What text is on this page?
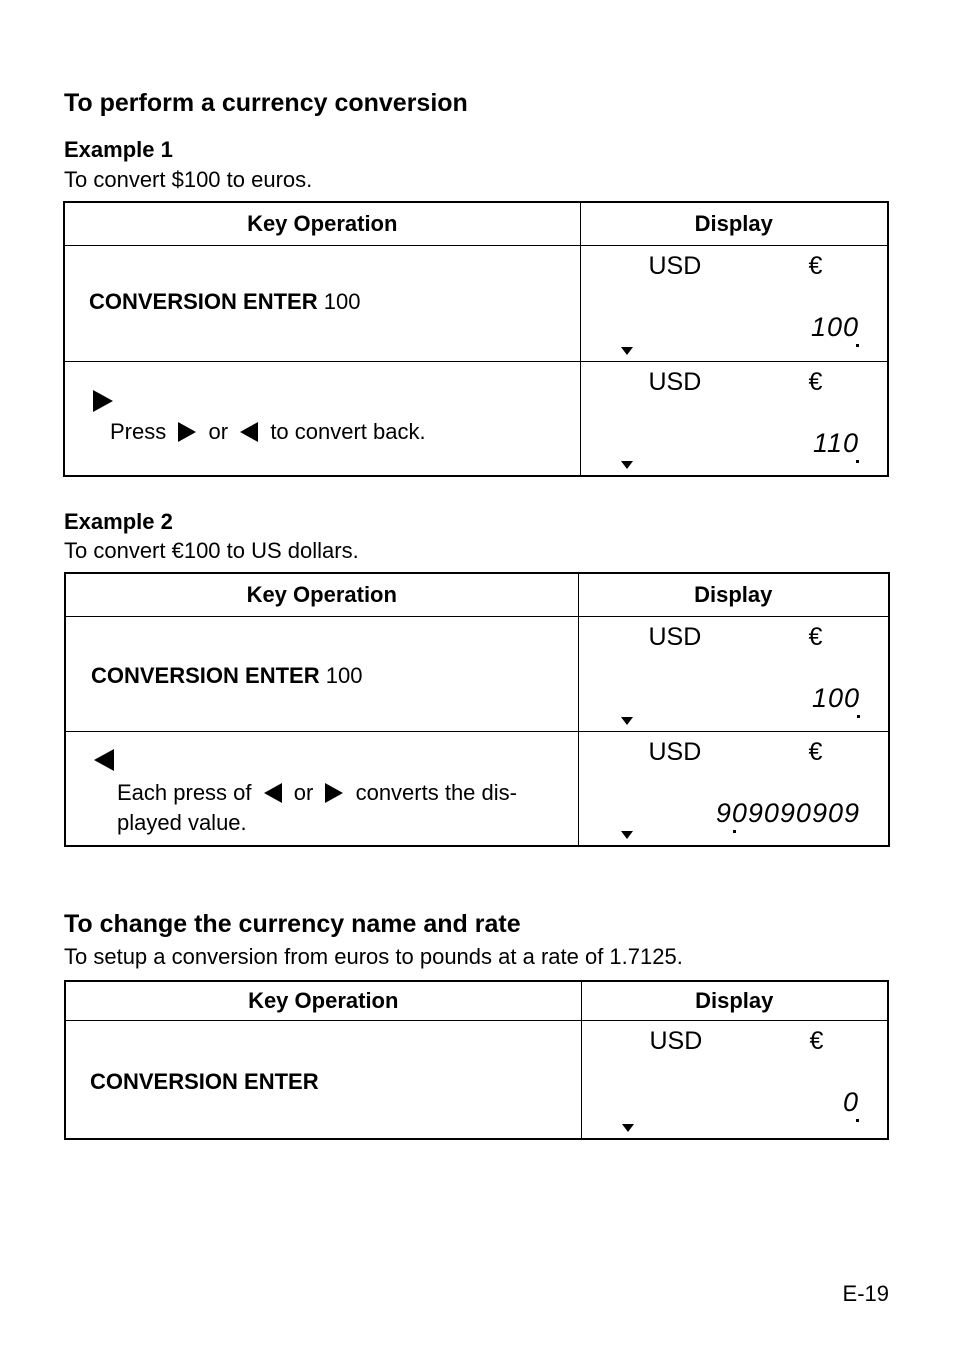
To perform a currency conversion
Example 1

To convert $100 to euros.

Key Operation	Display

CONVERSION ENTER 100	USD €
100

Press or to convert back.	USD €
110
Example 2

To convert €100 to US dollars.

Key Operation	Display

CONVERSION ENTER 100	USD €
100

Each press of or converts the dis-
played value.	USD €
909090909
To change the currency name and rate

To setup a conversion from euros to pounds at a rate of 1.7125.

Key Operation	Display

CONVERSION ENTER	USD €
0
E-19
